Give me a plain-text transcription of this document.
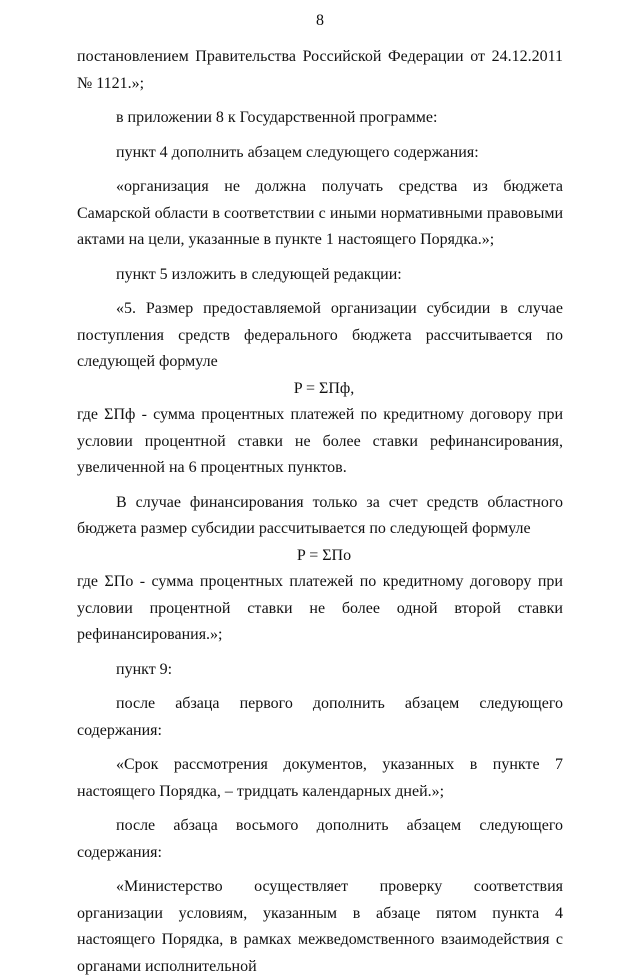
8

постановлением Правительства Российской Федерации от 24.12.2011 № 1121.»;

в приложении 8 к Государственной программе:

пункт 4 дополнить абзацем следующего содержания:

«организация не должна получать средства из бюджета Самарской области в соответствии с иными нормативными правовыми актами на цели, указанные в пункте 1 настоящего Порядка.»;

пункт 5 изложить в следующей редакции:

«5. Размер предоставляемой организации субсидии в случае поступления средств федерального бюджета рассчитывается по следующей формуле

P = ΣПф,

где ΣПф - сумма процентных платежей по кредитному договору при условии процентной ставки не более ставки рефинансирования, увеличенной на 6 процентных пунктов.

В случае финансирования только за счет средств областного бюджета размер субсидии рассчитывается по следующей формуле

P = ΣПо

где ΣПо - сумма процентных платежей по кредитному договору при условии процентной ставки не более одной второй ставки рефинансирования.»;

пункт 9:

после абзаца первого дополнить абзацем следующего содержания:

«Срок рассмотрения документов, указанных в пункте 7 настоящего Порядка, – тридцать календарных дней.»;

после абзаца восьмого дополнить абзацем следующего содержания:

«Министерство осуществляет проверку соответствия организации условиям, указанным в абзаце пятом пункта 4 настоящего Порядка, в рамках межведомственного взаимодействия с органами исполнительной
